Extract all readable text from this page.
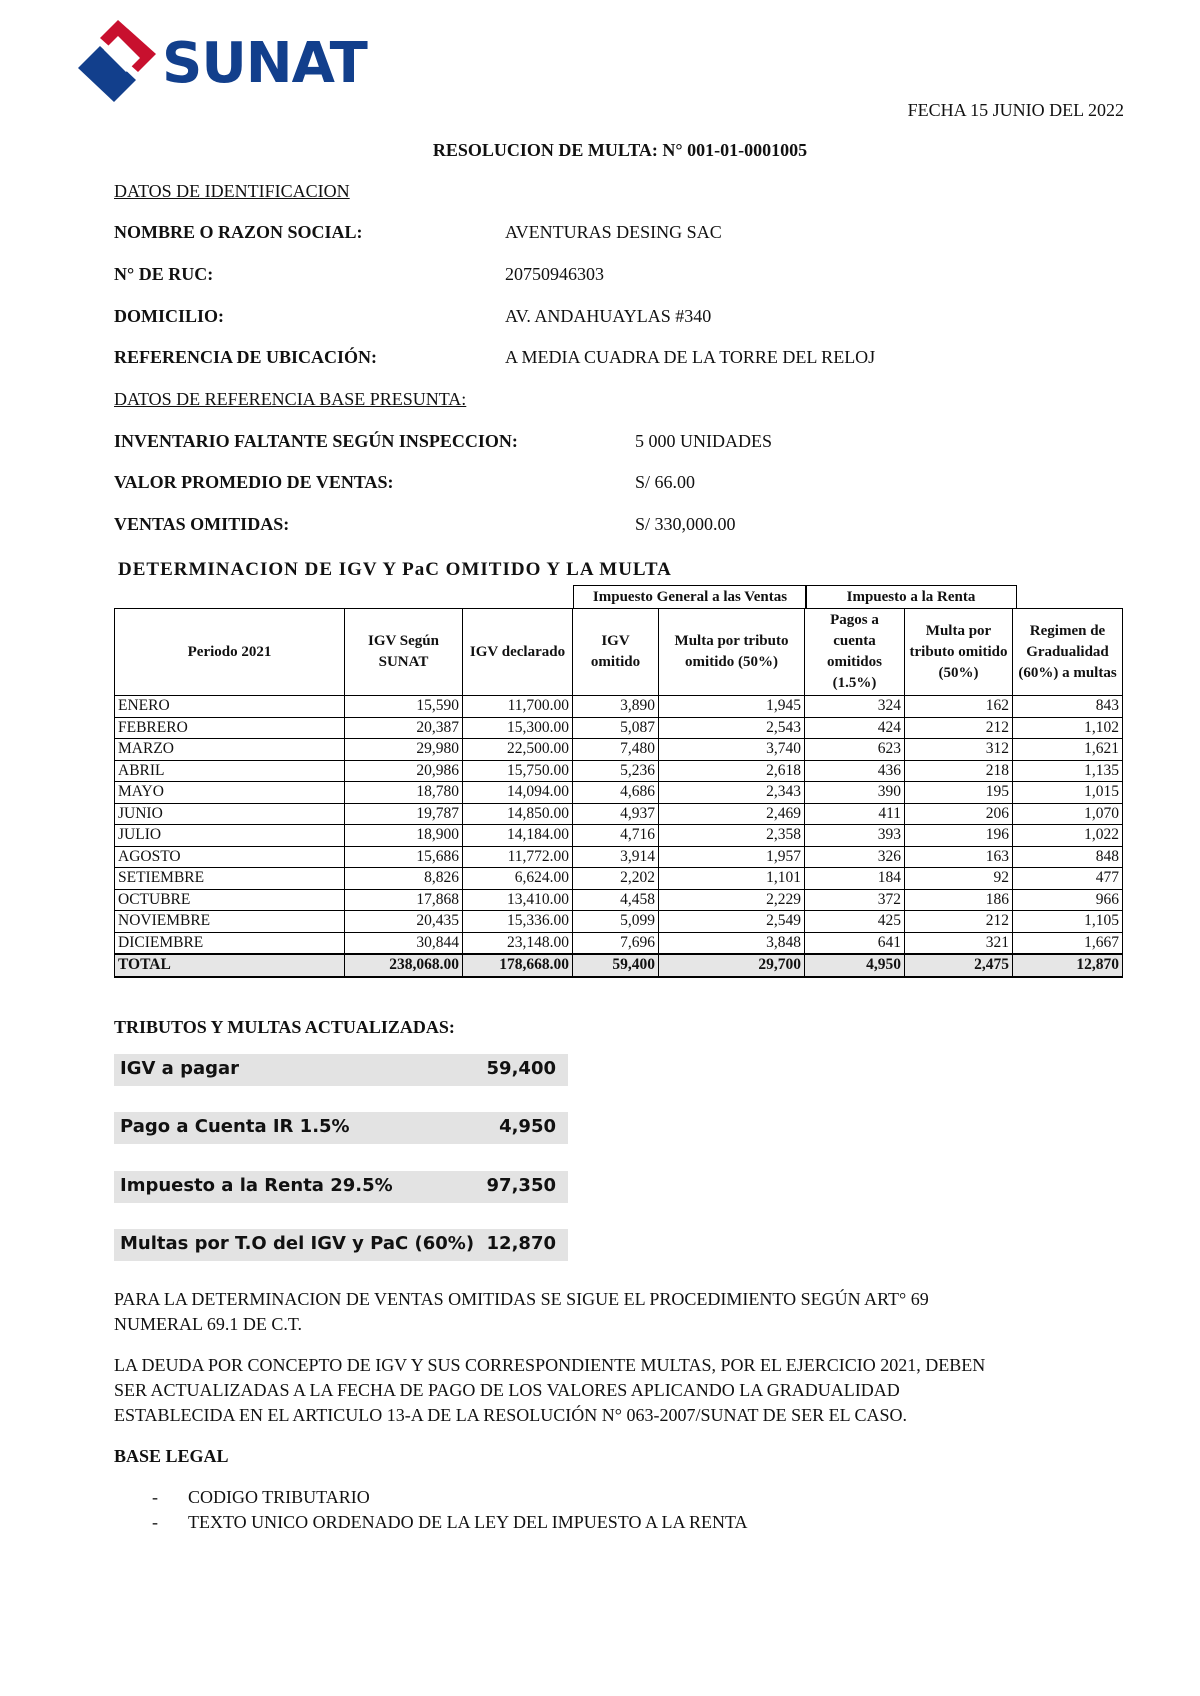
SUNAT
FECHA 15 JUNIO DEL 2022
RESOLUCION DE MULTA: N° 001-01-0001005
DATOS DE IDENTIFICACION
NOMBRE O RAZON SOCIAL:	AVENTURAS DESING SAC
N° DE RUC:	20750946303
DOMICILIO:	AV. ANDAHUAYLAS #340
REFERENCIA DE UBICACIÓN:	A MEDIA CUADRA DE LA TORRE DEL RELOJ
DATOS DE REFERENCIA BASE PRESUNTA:
INVENTARIO FALTANTE SEGÚN INSPECCION:	5 000 UNIDADES
VALOR PROMEDIO DE VENTAS:	S/ 66.00
VENTAS OMITIDAS:	S/ 330,000.00
DETERMINACION DE IGV Y PaC OMITIDO Y LA MULTA
Impuesto General a las Ventas	Impuesto a la Renta
Periodo 2021	IGV Según SUNAT	IGV declarado	IGV omitido	Multa por tributo omitido (50%)	Pagos a cuenta omitidos (1.5%)	Multa por tributo omitido (50%)	Regimen de Gradualidad (60%) a multas
ENERO	15,590	11,700.00	3,890	1,945	324	162	843
FEBRERO	20,387	15,300.00	5,087	2,543	424	212	1,102
MARZO	29,980	22,500.00	7,480	3,740	623	312	1,621
ABRIL	20,986	15,750.00	5,236	2,618	436	218	1,135
MAYO	18,780	14,094.00	4,686	2,343	390	195	1,015
JUNIO	19,787	14,850.00	4,937	2,469	411	206	1,070
JULIO	18,900	14,184.00	4,716	2,358	393	196	1,022
AGOSTO	15,686	11,772.00	3,914	1,957	326	163	848
SETIEMBRE	8,826	6,624.00	2,202	1,101	184	92	477
OCTUBRE	17,868	13,410.00	4,458	2,229	372	186	966
NOVIEMBRE	20,435	15,336.00	5,099	2,549	425	212	1,105
DICIEMBRE	30,844	23,148.00	7,696	3,848	641	321	1,667
TOTAL	238,068.00	178,668.00	59,400	29,700	4,950	2,475	12,870
TRIBUTOS Y MULTAS ACTUALIZADAS:
IGV a pagar	59,400
Pago a Cuenta IR 1.5%	4,950
Impuesto a la Renta 29.5%	97,350
Multas por T.O del IGV y PaC (60%) 12,870
PARA LA DETERMINACION DE VENTAS OMITIDAS SE SIGUE EL PROCEDIMIENTO SEGÚN ART° 69
NUMERAL 69.1 DE C.T.
LA DEUDA POR CONCEPTO DE IGV Y SUS CORRESPONDIENTE MULTAS, POR EL EJERCICIO 2021, DEBEN
SER ACTUALIZADAS A LA FECHA DE PAGO DE LOS VALORES APLICANDO LA GRADUALIDAD
ESTABLECIDA EN EL ARTICULO 13-A DE LA RESOLUCIÓN N° 063-2007/SUNAT DE SER EL CASO.
BASE LEGAL
- CODIGO TRIBUTARIO
- TEXTO UNICO ORDENADO DE LA LEY DEL IMPUESTO A LA RENTA
